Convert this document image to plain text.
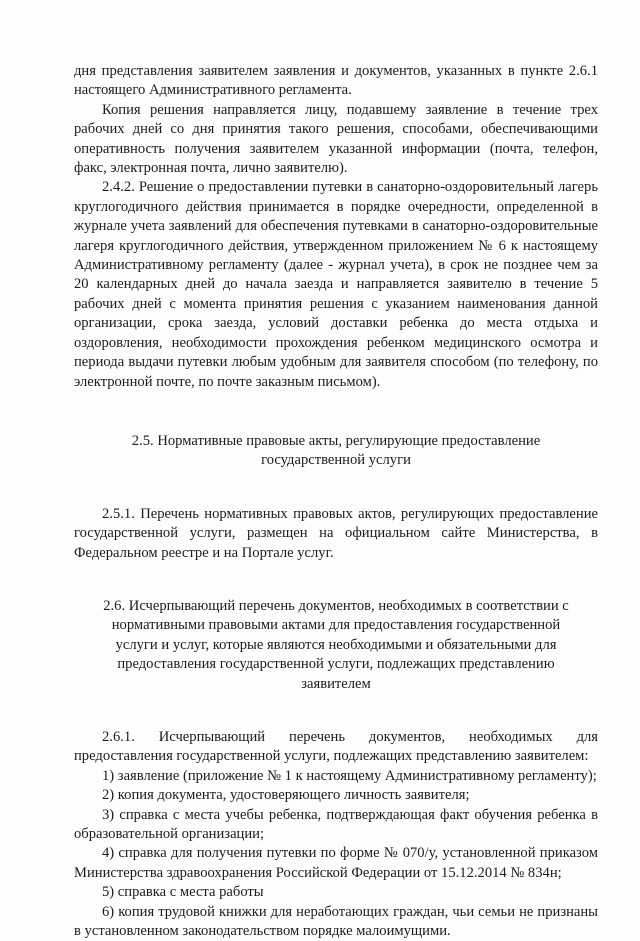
дня представления заявителем заявления и документов, указанных в пункте 2.6.1 настоящего Административного регламента.

Копия решения направляется лицу, подавшему заявление в течение трех рабочих дней со дня принятия такого решения, способами, обеспечивающими оперативность получения заявителем указанной информации (почта, телефон, факс, электронная почта, лично заявителю).

2.4.2. Решение о предоставлении путевки в санаторно-оздоровительный лагерь круглогодичного действия принимается в порядке очередности, определенной в журнале учета заявлений для обеспечения путевками в санаторно-оздоровительные лагеря круглогодичного действия, утвержденном приложением № 6 к настоящему Административному регламенту (далее - журнал учета), в срок не позднее чем за 20 календарных дней до начала заезда и направляется заявителю в течение 5 рабочих дней с момента принятия решения с указанием наименования данной организации, срока заезда, условий доставки ребенка до места отдыха и оздоровления, необходимости прохождения ребенком медицинского осмотра и периода выдачи путевки любым удобным для заявителя способом (по телефону, по электронной почте, по почте заказным письмом).

2.5. Нормативные правовые акты, регулирующие предоставление государственной услуги

2.5.1. Перечень нормативных правовых актов, регулирующих предоставление государственной услуги, размещен на официальном сайте Министерства, в Федеральном реестре и на Портале услуг.

2.6. Исчерпывающий перечень документов, необходимых в соответствии с нормативными правовыми актами для предоставления государственной услуги и услуг, которые являются необходимыми и обязательными для предоставления государственной услуги, подлежащих представлению заявителем

2.6.1. Исчерпывающий перечень документов, необходимых для предоставления государственной услуги, подлежащих представлению заявителем:

1) заявление (приложение № 1 к настоящему Административному регламенту);

2) копия документа, удостоверяющего личность заявителя;

3) справка с места учебы ребенка, подтверждающая факт обучения ребенка в образовательной организации;

4) справка для получения путевки по форме № 070/у, установленной приказом Министерства здравоохранения Российской Федерации от 15.12.2014 № 834н;

5) справка с места работы

6) копия трудовой книжки для неработающих граждан, чьи семьи не признаны в установленном законодательством порядке малоимущими.
